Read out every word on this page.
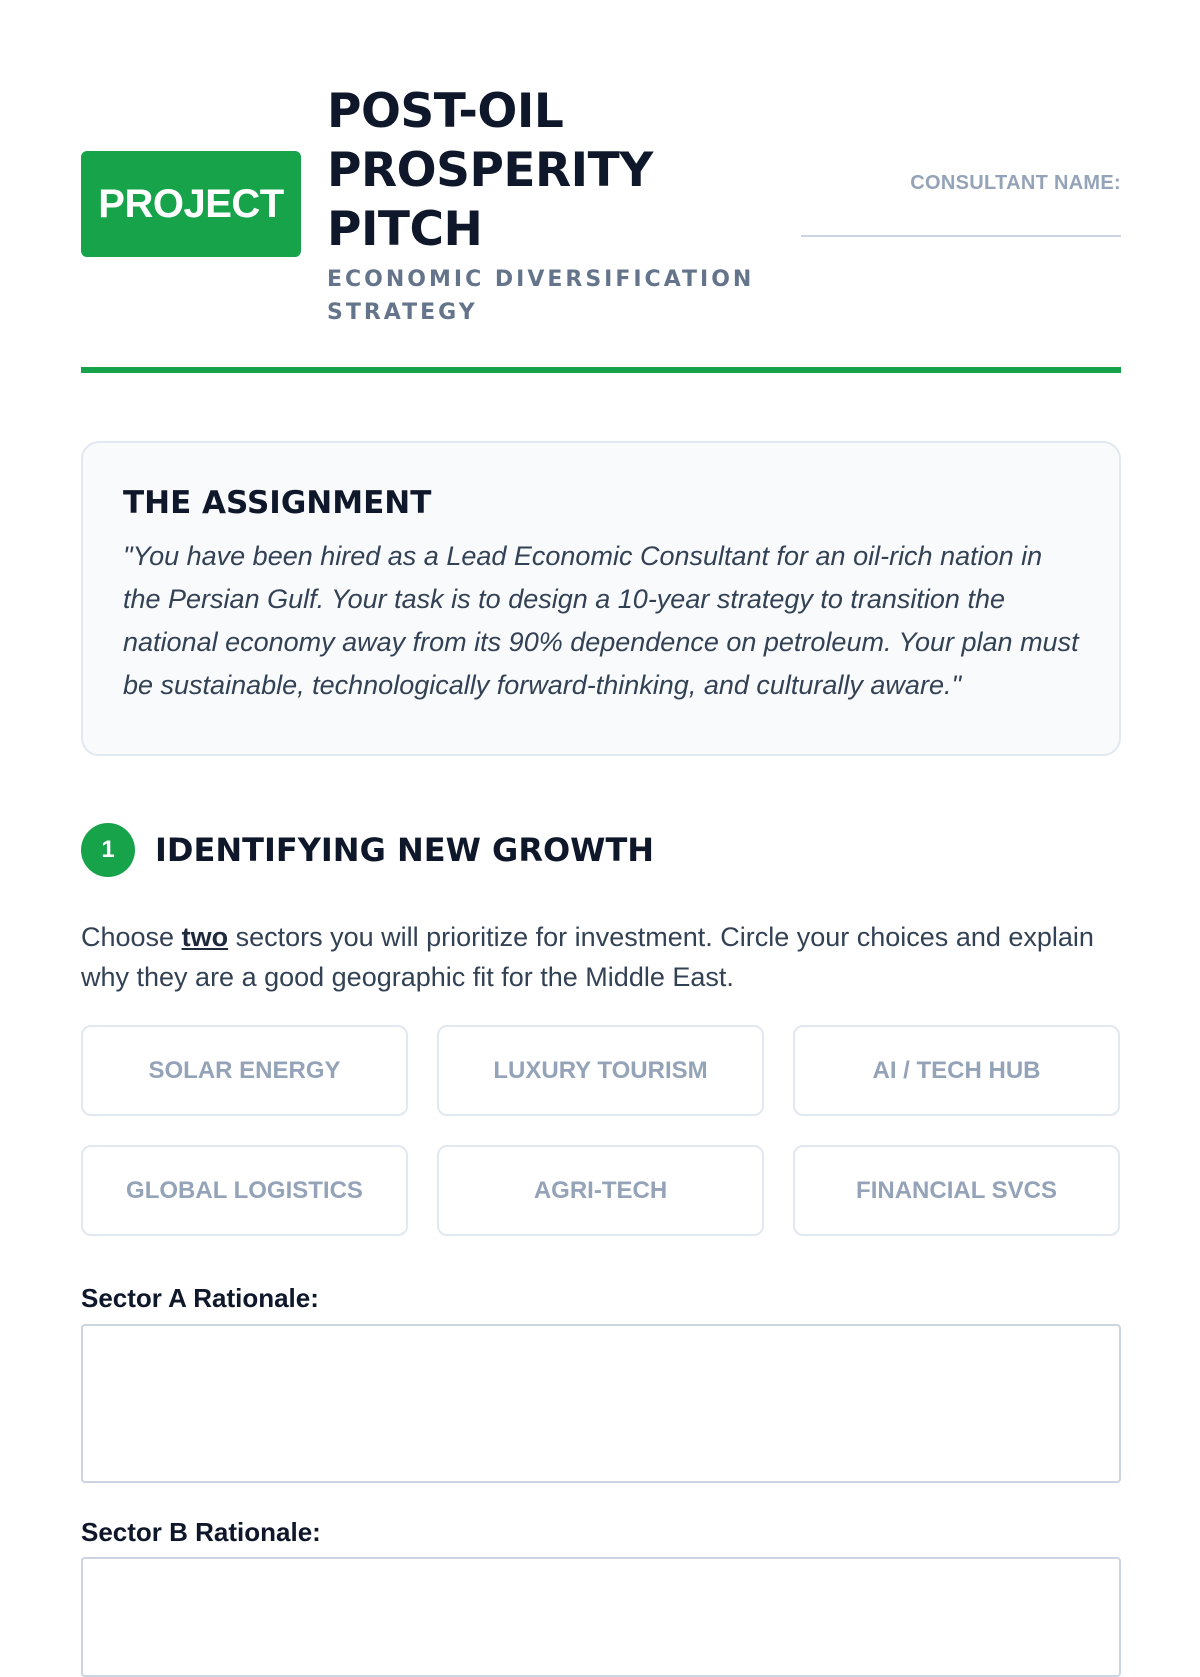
PROJECT
POST-OIL
PROSPERITY
PITCH
ECONOMIC DIVERSIFICATION
STRATEGY
CONSULTANT NAME:
THE ASSIGNMENT

"You have been hired as a Lead Economic Consultant for an oil-rich nation in the Persian Gulf. Your task is to design a 10-year strategy to transition the national economy away from its 90% dependence on petroleum. Your plan must be sustainable, technologically forward-thinking, and culturally aware."

1	IDENTIFYING NEW GROWTH

Choose two sectors you will prioritize for investment. Circle your choices and explain why they are a good geographic fit for the Middle East.

SOLAR ENERGY	LUXURY TOURISM	AI / TECH HUB
GLOBAL LOGISTICS	AGRI-TECH	FINANCIAL SVCS
Sector A Rationale:
Sector B Rationale:
